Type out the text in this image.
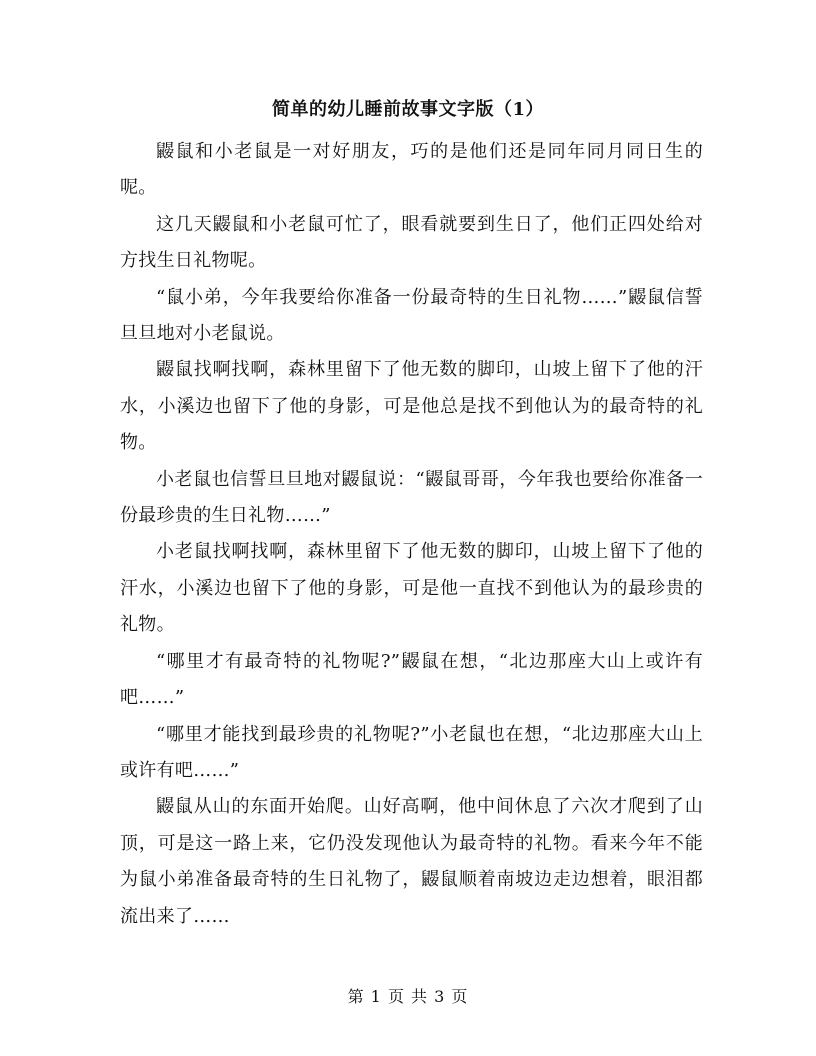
简单的幼儿睡前故事文字版（1）

鼹鼠和小老鼠是一对好朋友，巧的是他们还是同年同月同日生的呢。

这几天鼹鼠和小老鼠可忙了，眼看就要到生日了，他们正四处给对方找生日礼物呢。

“鼠小弟，今年我要给你准备一份最奇特的生日礼物……”鼹鼠信誓旦旦地对小老鼠说。

鼹鼠找啊找啊，森林里留下了他无数的脚印，山坡上留下了他的汗水，小溪边也留下了他的身影，可是他总是找不到他认为的最奇特的礼物。

小老鼠也信誓旦旦地对鼹鼠说：“鼹鼠哥哥，今年我也要给你准备一份最珍贵的生日礼物……”

小老鼠找啊找啊，森林里留下了他无数的脚印，山坡上留下了他的汗水，小溪边也留下了他的身影，可是他一直找不到他认为的最珍贵的礼物。

“哪里才有最奇特的礼物呢?”鼹鼠在想，“北边那座大山上或许有吧……”

“哪里才能找到最珍贵的礼物呢?”小老鼠也在想，“北边那座大山上或许有吧……”

鼹鼠从山的东面开始爬。山好高啊，他中间休息了六次才爬到了山顶，可是这一路上来，它仍没发现他认为最奇特的礼物。看来今年不能为鼠小弟准备最奇特的生日礼物了，鼹鼠顺着南坡边走边想着，眼泪都流出来了……

第 1 页 共 3 页
